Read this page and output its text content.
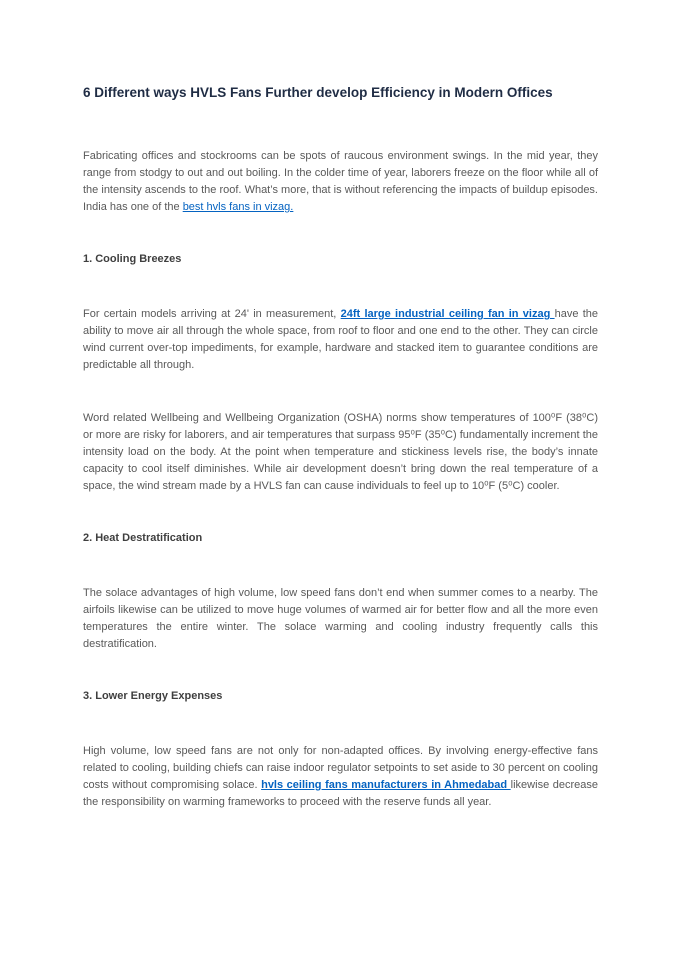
6 Different ways HVLS Fans Further develop Efficiency in Modern Offices

Fabricating offices and stockrooms can be spots of raucous environment swings. In the mid year, they range from stodgy to out and out boiling. In the colder time of year, laborers freeze on the floor while all of the intensity ascends to the roof. What’s more, that is without referencing the impacts of buildup episodes. India has one of the best hvls fans in vizag.

1. Cooling Breezes

For certain models arriving at 24' in measurement, 24ft large industrial ceiling fan in vizag have the ability to move air all through the whole space, from roof to floor and one end to the other. They can circle wind current over-top impediments, for example, hardware and stacked item to guarantee conditions are predictable all through.

Word related Wellbeing and Wellbeing Organization (OSHA) norms show temperatures of 100⁰F (38⁰C) or more are risky for laborers, and air temperatures that surpass 95⁰F (35⁰C) fundamentally increment the intensity load on the body. At the point when temperature and stickiness levels rise, the body’s innate capacity to cool itself diminishes. While air development doesn’t bring down the real temperature of a space, the wind stream made by a HVLS fan can cause individuals to feel up to 10⁰F (5⁰C) cooler.

2. Heat Destratification

The solace advantages of high volume, low speed fans don’t end when summer comes to a nearby. The airfoils likewise can be utilized to move huge volumes of warmed air for better flow and all the more even temperatures the entire winter. The solace warming and cooling industry frequently calls this destratification.

3. Lower Energy Expenses

High volume, low speed fans are not only for non-adapted offices. By involving energy-effective fans related to cooling, building chiefs can raise indoor regulator setpoints to set aside to 30 percent on cooling costs without compromising solace. hvls ceiling fans manufacturers in Ahmedabad likewise decrease the responsibility on warming frameworks to proceed with the reserve funds all year.
